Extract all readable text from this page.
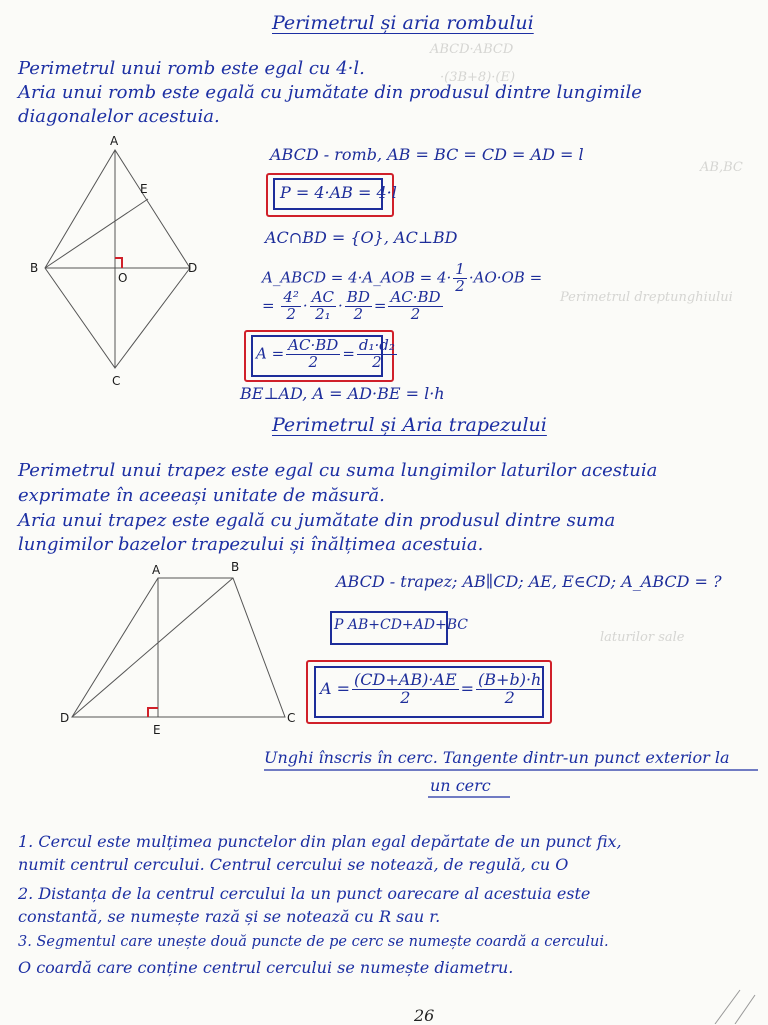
ABCD·ABCD
·(3B+8)·(E)
AB,BC
Perimetrul dreptunghiului
laturilor sale
Perimetrul și aria rombului
Perimetrul unui romb este egal cu 4·l.
Aria unui romb este egală cu jumătate din produsul dintre lungimile
diagonalelor acestuia.
A
E
B
O
D
C
ABCD - romb, AB = BC = CD = AD = l
P = 4·AB = 4·l
AC∩BD = {O}, AC⊥BD
A_ABCD = 4·A_AOB = $4\cdot \frac{1}{2} \cdot AO\cdot OB$ =
= $\frac{\text{4²}}{2} \cdot \frac{AC}{\text{2₁}} \cdot \frac{BD}{2} = \frac{AC\cdot BD}{2}$
$A = \frac{AC\cdot BD}{2} = \frac{\text{d₁·d₂}}{2}$
BE⊥AD, A = AD·BE = l·h
Perimetrul și Aria trapezului
Perimetrul unui trapez este egal cu suma lungimilor laturilor acestuia
exprimate în aceeași unitate de măsură.
Aria unui trapez este egală cu jumătate din produsul dintre suma
lungimilor bazelor trapezului și înălțimea acestuia.
A	B
D
E
C
ABCD - trapez; AB∥CD; AE, E∈CD; A_ABCD = ?
P AB+CD+AD+BC
$A = \frac{(CD+AB)\cdot AE}{2} = \frac{(B+b)\cdot h}{2}$
Unghi înscris în cerc. Tangente dintr-un punct exterior la
un cerc
1. Cercul este mulțimea punctelor din plan egal depărtate de un punct fix,
numit centrul cercului. Centrul cercului se notează, de regulă, cu O
2. Distanța de la centrul cercului la un punct oarecare al acestuia este
constantă, se numește rază și se notează cu R sau r.
3. Segmentul care unește două puncte de pe cerc se numește coardă a cercului.
O coardă care conține centrul cercului se numește diametru.
26
